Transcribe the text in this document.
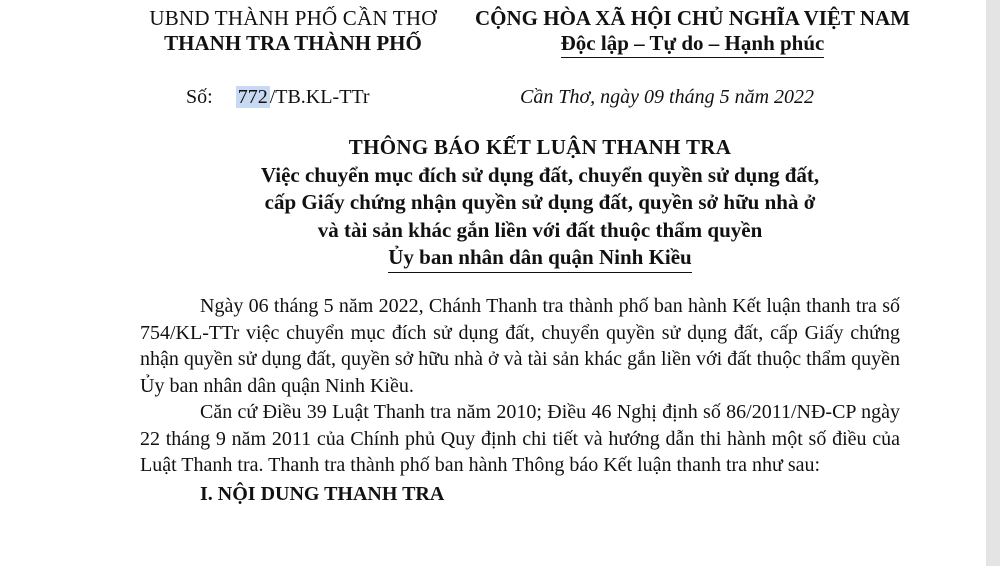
UBND THÀNH PHỐ CẦN THƠ
THANH TRA THÀNH PHỐ
CỘNG HÒA XÃ HỘI CHỦ NGHĨA VIỆT NAM
Độc lập – Tự do – Hạnh phúc
Số: 772 /TB.KL-TTr	Cần Thơ, ngày 09 tháng 5 năm 2022
THÔNG BÁO KẾT LUẬN THANH TRA
Việc chuyển mục đích sử dụng đất, chuyển quyền sử dụng đất,
cấp Giấy chứng nhận quyền sử dụng đất, quyền sở hữu nhà ở
và tài sản khác gắn liền với đất thuộc thẩm quyền
Ủy ban nhân dân quận Ninh Kiều

Ngày 06 tháng 5 năm 2022, Chánh Thanh tra thành phố ban hành Kết luận thanh tra số 754/KL-TTr việc chuyển mục đích sử dụng đất, chuyển quyền sử dụng đất, cấp Giấy chứng nhận quyền sử dụng đất, quyền sở hữu nhà ở và tài sản khác gắn liền với đất thuộc thẩm quyền Ủy ban nhân dân quận Ninh Kiều.

Căn cứ Điều 39 Luật Thanh tra năm 2010; Điều 46 Nghị định số 86/2011/NĐ-CP ngày 22 tháng 9 năm 2011 của Chính phủ Quy định chi tiết và hướng dẫn thi hành một số điều của Luật Thanh tra. Thanh tra thành phố ban hành Thông báo Kết luận thanh tra như sau:

I. NỘI DUNG THANH TRA
